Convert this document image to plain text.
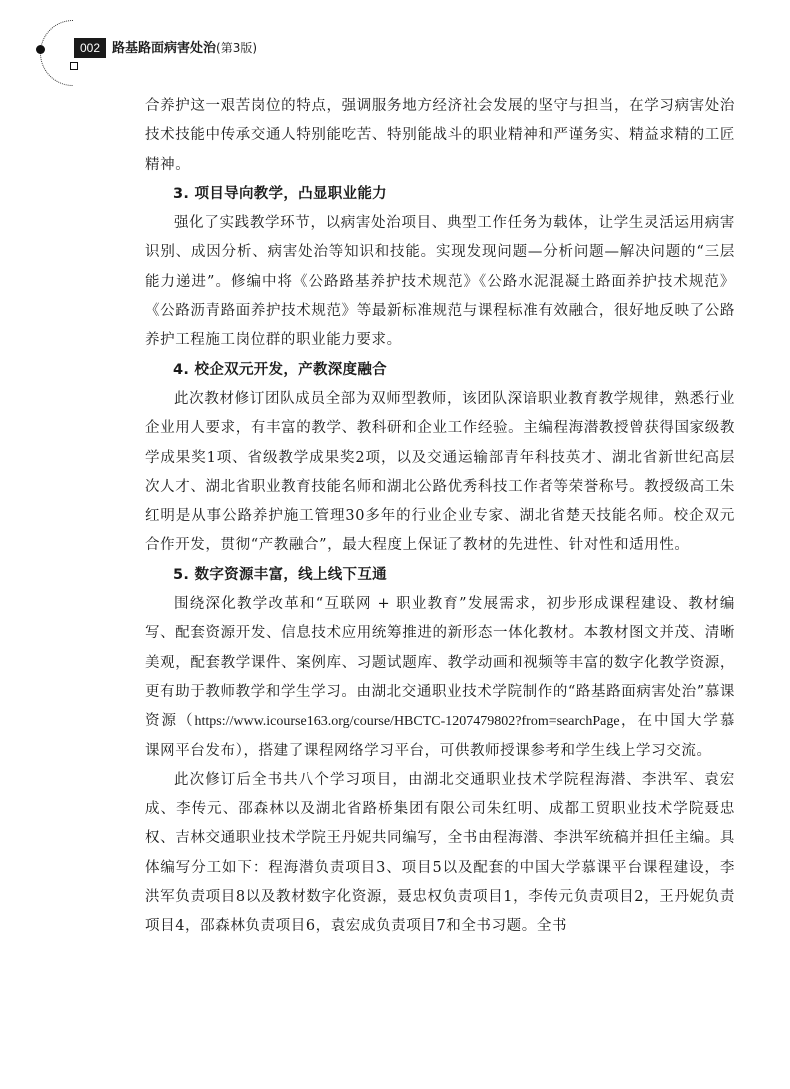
002 路基路面病害处治(第3版)

合养护这一艰苦岗位的特点，强调服务地方经济社会发展的坚守与担当，在学习病害处治技术技能中传承交通人特别能吃苦、特别能战斗的职业精神和严谨务实、精益求精的工匠精神。

3. 项目导向教学，凸显职业能力

强化了实践教学环节，以病害处治项目、典型工作任务为载体，让学生灵活运用病害识别、成因分析、病害处治等知识和技能。实现发现问题—分析问题—解决问题的“三层能力递进”。修编中将《公路路基养护技术规范》《公路水泥混凝土路面养护技术规范》《公路沥青路面养护技术规范》等最新标准规范与课程标准有效融合，很好地反映了公路养护工程施工岗位群的职业能力要求。

4. 校企双元开发，产教深度融合

此次教材修订团队成员全部为双师型教师，该团队深谙职业教育教学规律，熟悉行业企业用人要求，有丰富的教学、教科研和企业工作经验。主编程海潜教授曾获得国家级教学成果奖1项、省级教学成果奖2项，以及交通运输部青年科技英才、湖北省新世纪高层次人才、湖北省职业教育技能名师和湖北公路优秀科技工作者等荣誉称号。教授级高工朱红明是从事公路养护施工管理30多年的行业企业专家、湖北省楚天技能名师。校企双元合作开发，贯彻“产教融合”，最大程度上保证了教材的先进性、针对性和适用性。

5. 数字资源丰富，线上线下互通

围绕深化教学改革和“互联网 + 职业教育”发展需求，初步形成课程建设、教材编写、配套资源开发、信息技术应用统筹推进的新形态一体化教材。本教材图文并茂、清晰美观，配套教学课件、案例库、习题试题库、教学动画和视频等丰富的数字化教学资源，更有助于教师教学和学生学习。由湖北交通职业技术学院制作的“路基路面病害处治”慕课资源（https://www.icourse163.org/course/HBCTC-1207479802?from=searchPage，在中国大学慕课网平台发布），搭建了课程网络学习平台，可供教师授课参考和学生线上学习交流。

此次修订后全书共八个学习项目，由湖北交通职业技术学院程海潜、李洪军、袁宏成、李传元、邵森林以及湖北省路桥集团有限公司朱红明、成都工贸职业技术学院聂忠权、吉林交通职业技术学院王丹妮共同编写，全书由程海潜、李洪军统稿并担任主编。具体编写分工如下：程海潜负责项目3、项目5以及配套的中国大学慕课平台课程建设，李洪军负责项目8以及教材数字化资源，聂忠权负责项目1，李传元负责项目2，王丹妮负责项目4，邵森林负责项目6，袁宏成负责项目7和全书习题。全书
